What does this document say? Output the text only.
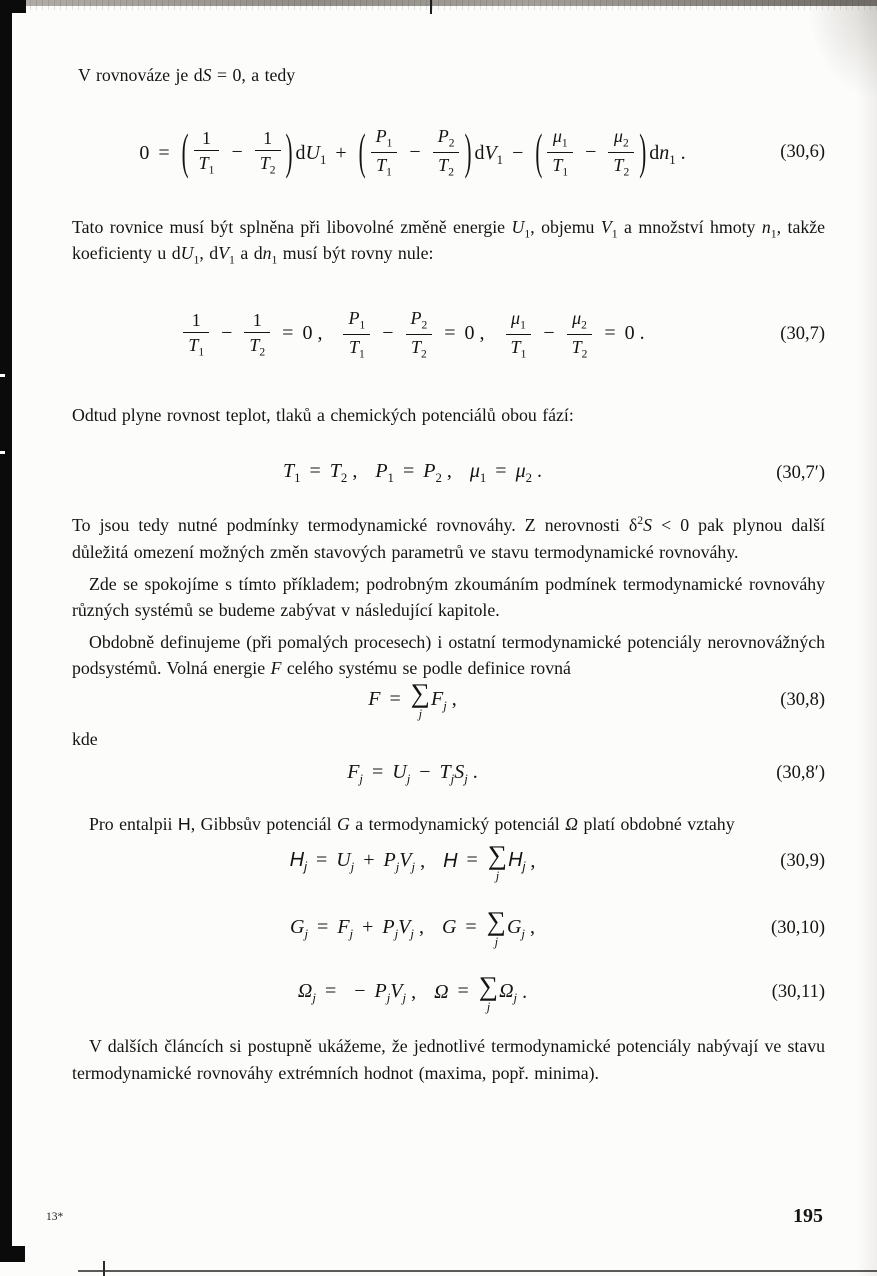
V rovnováze je dS = 0, a tedy

0 = ( $\frac{1}{T_1} - \frac{1}{T_2}$ ) $dU_1$ + ( $\frac{P_1}{T_1} - \frac{P_2}{T_2}$ ) $dV_1$ − ( $\frac{\mu_1}{T_1} - \frac{\mu_2}{T_2}$ ) $dn_1$ .	(30,6)

Tato rovnice musí být splněna při libovolné změně energie $U_1$, objemu $V_1$ a množství hmoty $n_1$, takže koeficienty u $dU_1$, $dV_1$ a $dn_1$ musí být rovny nule:

$\frac{1}{T_1} - \frac{1}{T_2} = 0$ , $\frac{P_1}{T_1} - \frac{P_2}{T_2} = 0$ , $\frac{\mu_1}{T_1} - \frac{\mu_2}{T_2} = 0$ .	(30,7)

Odtud plyne rovnost teplot, tlaků a chemických potenciálů obou fází:

$T_1 = T_2$ , $P_1 = P_2$ , $\mu_1 = \mu_2$ .	(30,7′)

To jsou tedy nutné podmínky termodynamické rovnováhy. Z nerovnosti $\delta^2S < 0$ pak plynou další důležitá omezení možných změn stavových parametrů ve stavu termodynamické rovnováhy.

Zde se spokojíme s tímto příkladem; podrobným zkoumáním podmínek termodynamické rovnováhy různých systémů se budeme zabývat v následující kapitole.

Obdobně definujeme (při pomalých procesech) i ostatní termodynamické potenciály nerovnovážných podsystémů. Volná energie F celého systému se podle definice rovná

F = ∑
j
$F_j$ ,	(30,8)

kde

$F_j = U_j - T_jS_j$ .	(30,8′)

Pro entalpii H, Gibbsův potenciál G a termodynamický potenciál Ω platí obdobné vztahy

$H_j = U_j + P_jV_j$ , H = ∑
j
$H_j$ ,	(30,9)
$G_j = F_j + P_jV_j$ , G = ∑
j
$G_j$ ,	(30,10)
$\Omega_j$ = − $P_jV_j$ , Ω = ∑
j
$\Omega_j$ .	(30,11)

V dalších článcích si postupně ukážeme, že jednotlivé termodynamické potenciály nabývají ve stavu termodynamické rovnováhy extrémních hodnot (maxima, popř. minima).

13*	195
